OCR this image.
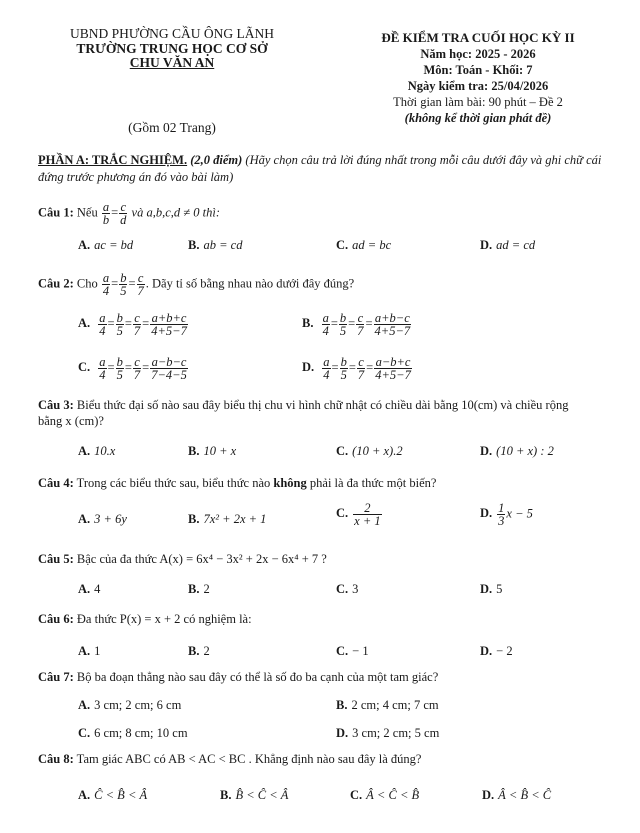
UBND PHƯỜNG CẦU ÔNG LÃNH
TRƯỜNG TRUNG HỌC CƠ SỞ
CHU VĂN AN
(Gồm 02 Trang)
ĐỀ KIỂM TRA CUỐI HỌC KỲ II
Năm học: 2025 - 2026
Môn: Toán - Khối: 7
Ngày kiểm tra: 25/04/2026
Thời gian làm bài: 90 phút – Đề 2
(không kể thời gian phát đề)
PHẦN A: TRẮC NGHIỆM. (2,0 điểm) (Hãy chọn câu trả lời đúng nhất trong mỗi câu dưới đây và ghi chữ cái đứng trước phương án đó vào bài làm)
Câu 1: Nếu $\frac{a}{b} = \frac{c}{d}$ và a,b,c,d ≠ 0 thì:
A. ac = bd	B. ab = cd	C. ad = bc	D. ad = cd
Câu 2: Cho $\frac{a}{4} = \frac{b}{5} = \frac{c}{7}$ . Dãy tỉ số bằng nhau nào dưới đây đúng?
A. $\frac{a}{4} = \frac{b}{5} = \frac{c}{7} = \frac{a+b+c}{4+5-7}$	B. $\frac{a}{4} = \frac{b}{5} = \frac{c}{7} = \frac{a+b-c}{4+5-7}$
C. $\frac{a}{4} = \frac{b}{5} = \frac{c}{7} = \frac{a-b-c}{7-4-5}$	D. $\frac{a}{4} = \frac{b}{5} = \frac{c}{7} = \frac{a-b+c}{4+5-7}$
Câu 3: Biểu thức đại số nào sau đây biểu thị chu vi hình chữ nhật có chiều dài bằng 10(cm) và chiều rộng
bằng x (cm)?
A. 10.x	B. 10 + x	C. (10 + x).2	D. (10 + x) : 2
Câu 4: Trong các biểu thức sau, biểu thức nào không phải là đa thức một biến?
A. 3 + 6y	B. 7x² + 2x + 1	C. $\frac{2}{x + 1}$	D. $\frac{1}{3}$ x − 5
Câu 5: Bậc của đa thức A(x) = 6x⁴ − 3x² + 2x − 6x⁴ + 7 ?
A. 4	B. 2	C. 3	D. 5
Câu 6: Đa thức P(x) = x + 2 có nghiệm là:
A. 1	B. 2	C. − 1	D. − 2
Câu 7: Bộ ba đoạn thẳng nào sau đây có thể là số đo ba cạnh của một tam giác?
A. 3 cm; 2 cm; 6 cm	B. 2 cm; 4 cm; 7 cm
C. 6 cm; 8 cm; 10 cm	D. 3 cm; 2 cm; 5 cm
Câu 8: Tam giác ABC có AB < AC < BC . Khẳng định nào sau đây là đúng?
A. Ĉ < B̂ < Â	B. B̂ < Ĉ < Â	C. Â < Ĉ < B̂	D. Â < B̂ < Ĉ
